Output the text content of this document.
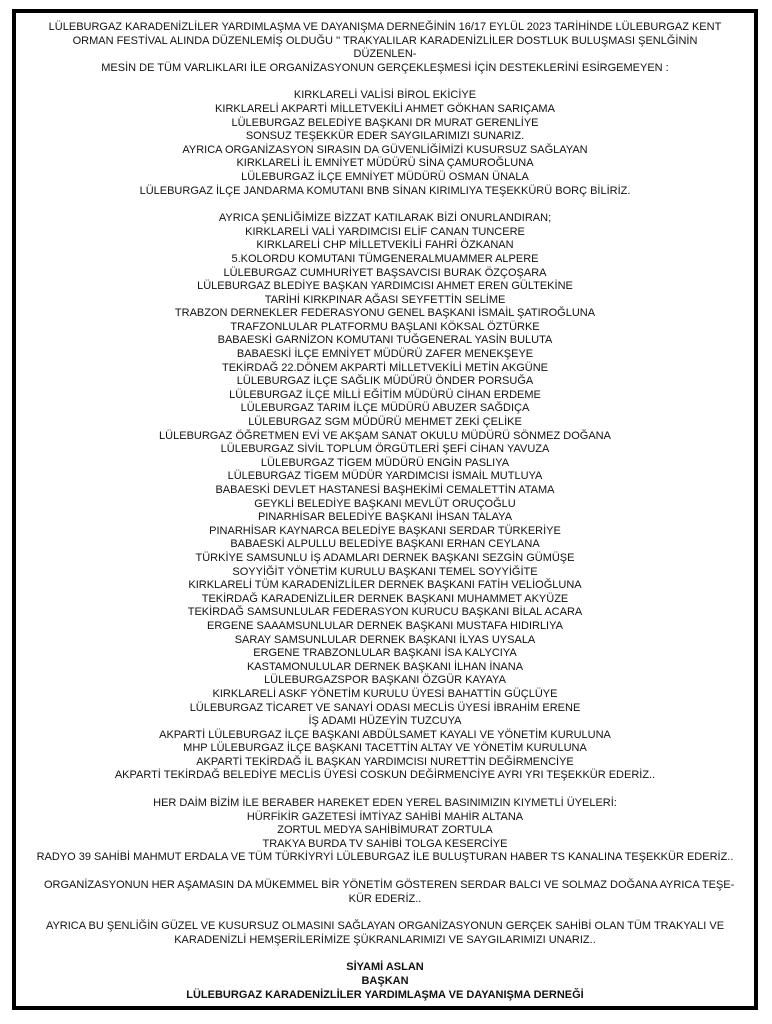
LÜLEBURGAZ KARADENİZLİLER YARDIMLAŞMA VE DAYANIŞMA DERNEĞİNİN 16/17 EYLÜL 2023 TARİHİNDE LÜLEBURGAZ KENT
ORMAN FESTİVAL ALINDA DÜZENLEMİŞ OLDUĞU '' TRAKYALILAR KARADENİZLİLER DOSTLUK BULUŞMASI ŞENLĞİNİN DÜZENLEN-
MESİN DE TÜM VARLIKLARI İLE ORGANİZASYONUN GERÇEKLEŞMESİ İÇİN DESTEKLERİNİ ESİRGEMEYEN :
KIRKLARELİ VALİSİ BİROL EKİCİYE
KIRKLARELİ AKPARTİ MİLLETVEKİLİ AHMET GÖKHAN SARIÇAMA
LÜLEBURGAZ BELEDİYE BAŞKANI DR MURAT GERENLİYE
SONSUZ TEŞEKKÜR EDER SAYGILARIMIZI SUNARIZ.
AYRICA ORGANİZASYON SIRASIN DA GÜVENLİĞİMİZİ KUSURSUZ SAĞLAYAN
KIRKLARELİ İL EMNİYET MÜDÜRÜ SİNA ÇAMUROĞLUNA
LÜLEBURGAZ İLÇE EMNİYET MÜDÜRÜ OSMAN ÜNALA
LÜLEBURGAZ İLÇE JANDARMA KOMUTANI BNB SİNAN KIRIMLIYA TEŞEKKÜRÜ BORÇ BİLİRİZ.
AYRICA ŞENLİĞİMİZE BİZZAT KATILARAK BİZİ ONURLANDIRAN;
KIRKLARELİ VALİ YARDIMCISI ELİF CANAN TUNCERE
KIRKLARELİ CHP MİLLETVEKİLİ FAHRİ ÖZKANAN
5.KOLORDU KOMUTANI TÜMGENERALMUAMMER ALPERE
LÜLEBURGAZ CUMHURİYET BAŞSAVCISI BURAK ÖZÇOŞARA
LÜLEBURGAZ BLEDİYE BAŞKAN YARDIMCISI AHMET EREN GÜLTEKİNE
TARİHİ KIRKPINAR AĞASI SEYFETTİN SELİME
TRABZON DERNEKLER FEDERASYONU GENEL BAŞKANI İSMAİL ŞATIROĞLUNA
TRAFZONLULAR PLATFORMU BAŞLANI KÖKSAL ÖZTÜRKE
BABAESKİ GARNİZON KOMUTANI TUĞGENERAL YASİN BULUTA
BABAESKİ İLÇE EMNİYET MÜDÜRÜ ZAFER MENEKŞEYE
TEKİRDAĞ 22.DÖNEM AKPARTİ MİLLETVEKİLİ METİN AKGÜNE
LÜLEBURGAZ İLÇE SAĞLIK MÜDÜRÜ ÖNDER PORSUĞA
LÜLEBURGAZ İLÇE MİLLİ EĞİTİM MÜDÜRÜ CİHAN ERDEME
LÜLEBURGAZ TARIM İLÇE MÜDÜRÜ ABUZER SAĞDIÇA
LÜLEBURGAZ SGM MÜDÜRÜ MEHMET ZEKİ ÇELİKE
LÜLEBURGAZ ÖĞRETMEN EVİ VE AKŞAM SANAT OKULU MÜDÜRÜ SÖNMEZ DOĞANA
LÜLEBURGAZ SİVİL TOPLUM ÖRGÜTLERİ ŞEFİ CİHAN YAVUZA
LÜLEBURGAZ TİGEM MÜDÜRÜ ENGİN PASLIYA
LÜLEBURGAZ TİGEM MÜDÜR YARDIMCISI İSMAİL MUTLUYA
BABAESKİ DEVLET HASTANESİ BAŞHEKİMİ CEMALETTİN ATAMA
GEYKLİ BELEDİYE BAŞKANI MEVLÜT ORUÇOĞLU
PINARHİSAR BELEDİYE BAŞKANI İHSAN TALAYA
PINARHİSAR KAYNARCA BELEDİYE BAŞKANI SERDAR TÜRKERİYE
BABAESKİ ALPULLU BELEDİYE BAŞKANI ERHAN CEYLANA
TÜRKİYE SAMSUNLU İŞ ADAMLARI DERNEK BAŞKANI SEZGİN GÜMÜŞE
SOYYİĞİT YÖNETİM KURULU BAŞKANI TEMEL SOYYİĞİTE
KIRKLARELİ TÜM KARADENİZLİLER DERNEK BAŞKANI FATİH VELİOĞLUNA
TEKİRDAĞ KARADENİZLİLER DERNEK BAŞKANI MUHAMMET AKYÜZE
TEKİRDAĞ SAMSUNLULAR FEDERASYON KURUCU BAŞKANI BİLAL ACARA
ERGENE SAAAMSUNLULAR DERNEK BAŞKANI MUSTAFA HIDIRLIYA
SARAY SAMSUNLULAR DERNEK BAŞKANI İLYAS UYSALA
ERGENE TRABZONLULAR BAŞKANI İSA KALYCIYA
KASTAMONULULAR DERNEK BAŞKANI İLHAN İNANA
LÜLEBURGAZSPOR BAŞKANI ÖZGÜR KAYAYA
KIRKLARELİ ASKF YÖNETİM KURULU ÜYESİ BAHATTİN GÜÇLÜYE
LÜLEBURGAZ TİCARET VE SANAYİ ODASI MECLİS ÜYESİ İBRAHİM ERENE
İŞ ADAMI HÜZEYİN TUZCUYA
AKPARTİ LÜLEBURGAZ İLÇE BAŞKANI ABDÜLSAMET KAYALI VE YÖNETİM KURULUNA
MHP LÜLEBURGAZ İLÇE BAŞKANI TACETTİN ALTAY VE YÖNETİM KURULUNA
AKPARTİ TEKİRDAĞ İL BAŞKAN YARDIMCISI NURETTİN DEĞİRMENCİYE
AKPARTİ TEKİRDAĞ BELEDİYE MECLİS ÜYESİ COSKUN DEĞİRMENCİYE AYRI YRI TEŞEKKÜR EDERİZ..
HER DAİM BİZİM İLE BERABER HAREKET EDEN YEREL BASINIMIZIN KIYMETLİ ÜYELERİ:
HÜRFİKİR GAZETESİ İMTİYAZ SAHİBİ MAHİR ALTANA
ZORTUL MEDYA SAHİBİMURAT ZORTULA
TRAKYA BURDA TV SAHİBİ TOLGA KESERCİYE
RADYO 39 SAHİBİ MAHMUT ERDALA VE TÜM TÜRKİYRYİ LÜLEBURGAZ İLE BULUŞTURAN HABER TS KANALINA TEŞEKKÜR EDERİZ..
ORGANİZASYONUN HER AŞAMASIN DA MÜKEMMEL BİR YÖNETİM GÖSTEREN SERDAR BALCI VE SOLMAZ DOĞANA AYRICA TEŞE-
KÜR EDERİZ..
AYRICA BU ŞENLİĞİN GÜZEL VE KUSURSUZ OLMASINI SAĞLAYAN ORGANİZASYONUN GERÇEK SAHİBİ OLAN TÜM TRAKYALI VE
KARADENİZLİ HEMŞERİLERİMİZE ŞÜKRANLARIMIZI VE SAYGILARIMIZI UNARIZ..
SİYAMİ ASLAN
BAŞKAN
LÜLEBURGAZ KARADENİZLİLER YARDIMLAŞMA VE DAYANIŞMA DERNEĞİ
